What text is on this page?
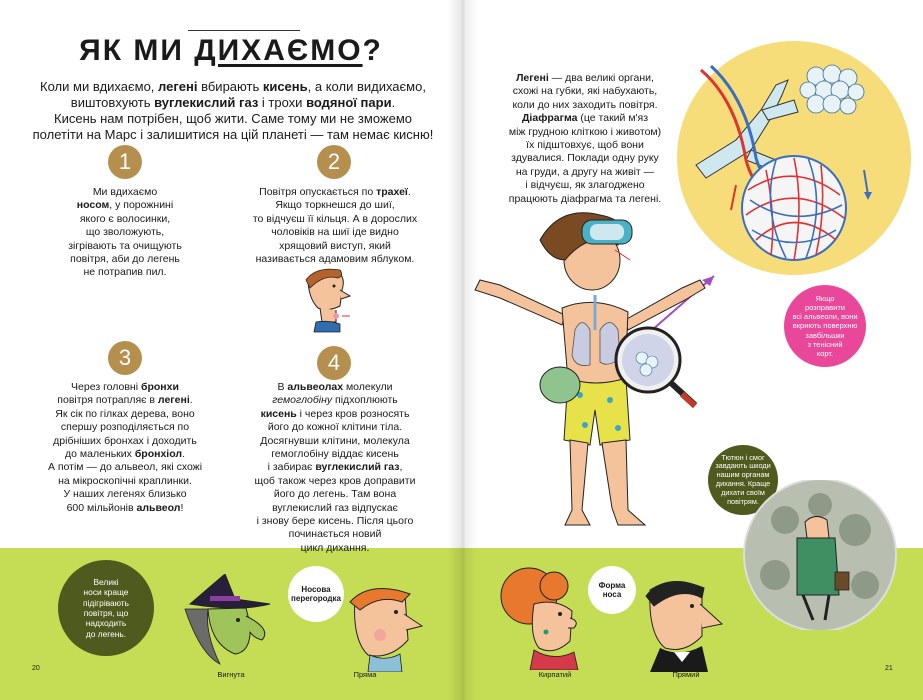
ЯК МИ ДИХАЄМО?
Коли ми вдихаємо, легені вбирають кисень, а коли видихаємо,
виштовхують вуглекислий газ і трохи водяної пари.
Кисень нам потрібен, щоб жити. Саме тому ми не зможемо
полетіти на Марс і залишитися на цій планеті — там немає кисню!
1
Ми вдихаємо
носом, у порожнині
якого є волосинки,
що зволожують,
зігрівають та очищують
повітря, аби до легень
не потрапив пил.
2
Повітря опускається по трахеї.
Якщо торкнешся до шиї,
то відчуєш її кільця. А в дорослих
чоловіків на шиї іде видно
хрящовий виступ, який
називається адамовим яблуком.
3
Через головні бронхи
повітря потрапляє в легені.
Як сік по гілках дерева, воно
спершу розподіляється по
дрібніших бронхах і доходить
до маленьких бронхіол.
А потім — до альвеол, які схожі
на мікроскопічні краплинки.
У наших легенях близько
600 мільйонів альвеол!
4
В альвеолах молекули
гемоглобіну підхоплюють
кисень і через кров розносять
його до кожної клітини тіла.
Досягнувши клітини, молекула
гемоглобіну віддає кисень
і забирає вуглекислий газ,
щоб також через кров доправити
його до легень. Там вона
вуглекислий газ відпускає
і знову бере кисень. Після цього
починається новий
цикл дихання.
Легені — два великі органи,
схожі на губки, які набухають,
коли до них заходить повітря.
Діафрагма (це такий м'яз
між грудною кліткою і животом)
їх підштовхує, щоб вони
здувалися. Поклади одну руку
на груди, а другу на живіт —
і відчуєш, як злагоджено
працюють діафрагма та легені.
Якщо
розправити
всі альвеоли, вони
вкриють поверхню
завбільшки
з тенісний
корт.
Тютюн і смог
завдають шкоди
нашим органам
дихання. Краще
дихати своїм
повітрям.
Великі
носи краще
підігрівають
повітря, що
надходить
до легень.
Вигнута
Носова
перегородка
Пряма
20
Кирпатий
Форма
носа
Прямий
21
